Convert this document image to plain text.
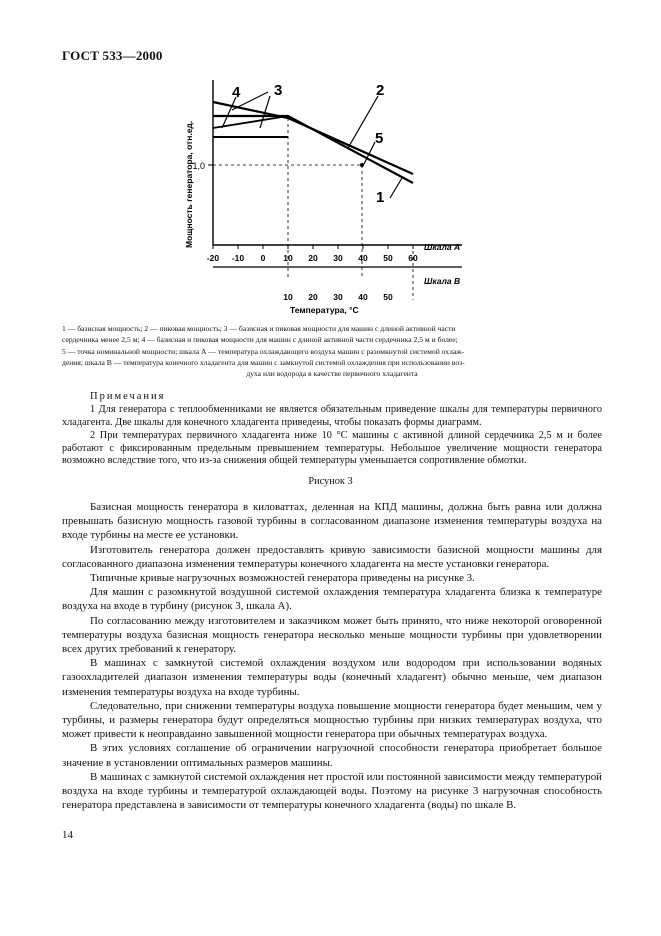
ГОСТ 533—2000
1,0
Мощность генератора, отн.ед.
4 3	2
5
1
Шкала А
Шкала В
-20 -10 0 10 20 30 40 50 60
10 20 30 40 50
Температура, °С
1 — базисная мощность; 2 — пиковая мощность; 3 — базисная и пиковая мощности для машин с длиной активной части
сердечника менее 2,5 м; 4 — базисная и пиковая мощности для машин с длиной активной части сердечника 2,5 м и более;
5 — точка номинальной мощности; шкала А — температура охлаждающего воздуха машин с разомкнутой системой охлаж-
дения; шкала В — температура конечного хладагента для машин с замкнутой системой охлаждения при использовании воз-
духа или водорода в качестве первичного хладагента
Примечания
1 Для генератора с теплообменниками не является обязательным приведение шкалы для температуры первичного хладагента. Две шкалы для конечного хладагента приведены, чтобы показать формы диаграмм.
2 При температурах первичного хладагента ниже 10 °С машины с активной длиной сердечника 2,5 м и более работают с фиксированным предельным превышением температуры. Небольшое увеличение мощности генератора возможно вследствие того, что из-за снижения общей температуры уменьшается сопротивление обмотки.
Рисунок 3

Базисная мощность генератора в киловаттах, деленная на КПД машины, должна быть равна или должна превышать базисную мощность газовой турбины в согласованном диапазоне изменения температуры воздуха на входе турбины на месте ее установки.

Изготовитель генератора должен предоставлять кривую зависимости базисной мощности машины для согласованного диапазона изменения температуры конечного хладагента на месте установки генератора.

Типичные кривые нагрузочных возможностей генератора приведены на рисунке 3.

Для машин с разомкнутой воздушной системой охлаждения температура хладагента близка к температуре воздуха на входе в турбину (рисунок 3, шкала А).

По согласованию между изготовителем и заказчиком может быть принято, что ниже некоторой оговоренной температуры воздуха базисная мощность генератора несколько меньше мощности турбины при удовлетворении всех других требований к генератору.

В машинах с замкнутой системой охлаждения воздухом или водородом при использовании водяных газоохладителей диапазон изменения температуры воды (конечный хладагент) обычно меньше, чем диапазон изменения температуры воздуха на входе турбины.

Следовательно, при снижении температуры воздуха повышение мощности генератора будет меньшим, чем у турбины, и размеры генератора будут определяться мощностью турбины при низких температурах воздуха, что может привести к неоправданно завышенной мощности генератора при обычных температурах воздуха.

В этих условиях соглашение об ограничении нагрузочной способности генератора приобретает большое значение в установлении оптимальных размеров машины.

В машинах с замкнутой системой охлаждения нет простой или постоянной зависимости между температурой воздуха на входе турбины и температурой охлаждающей воды. Поэтому на рисунке 3 нагрузочная способность генератора представлена в зависимости от температуры конечного хладагента (воды) по шкале В.

14
